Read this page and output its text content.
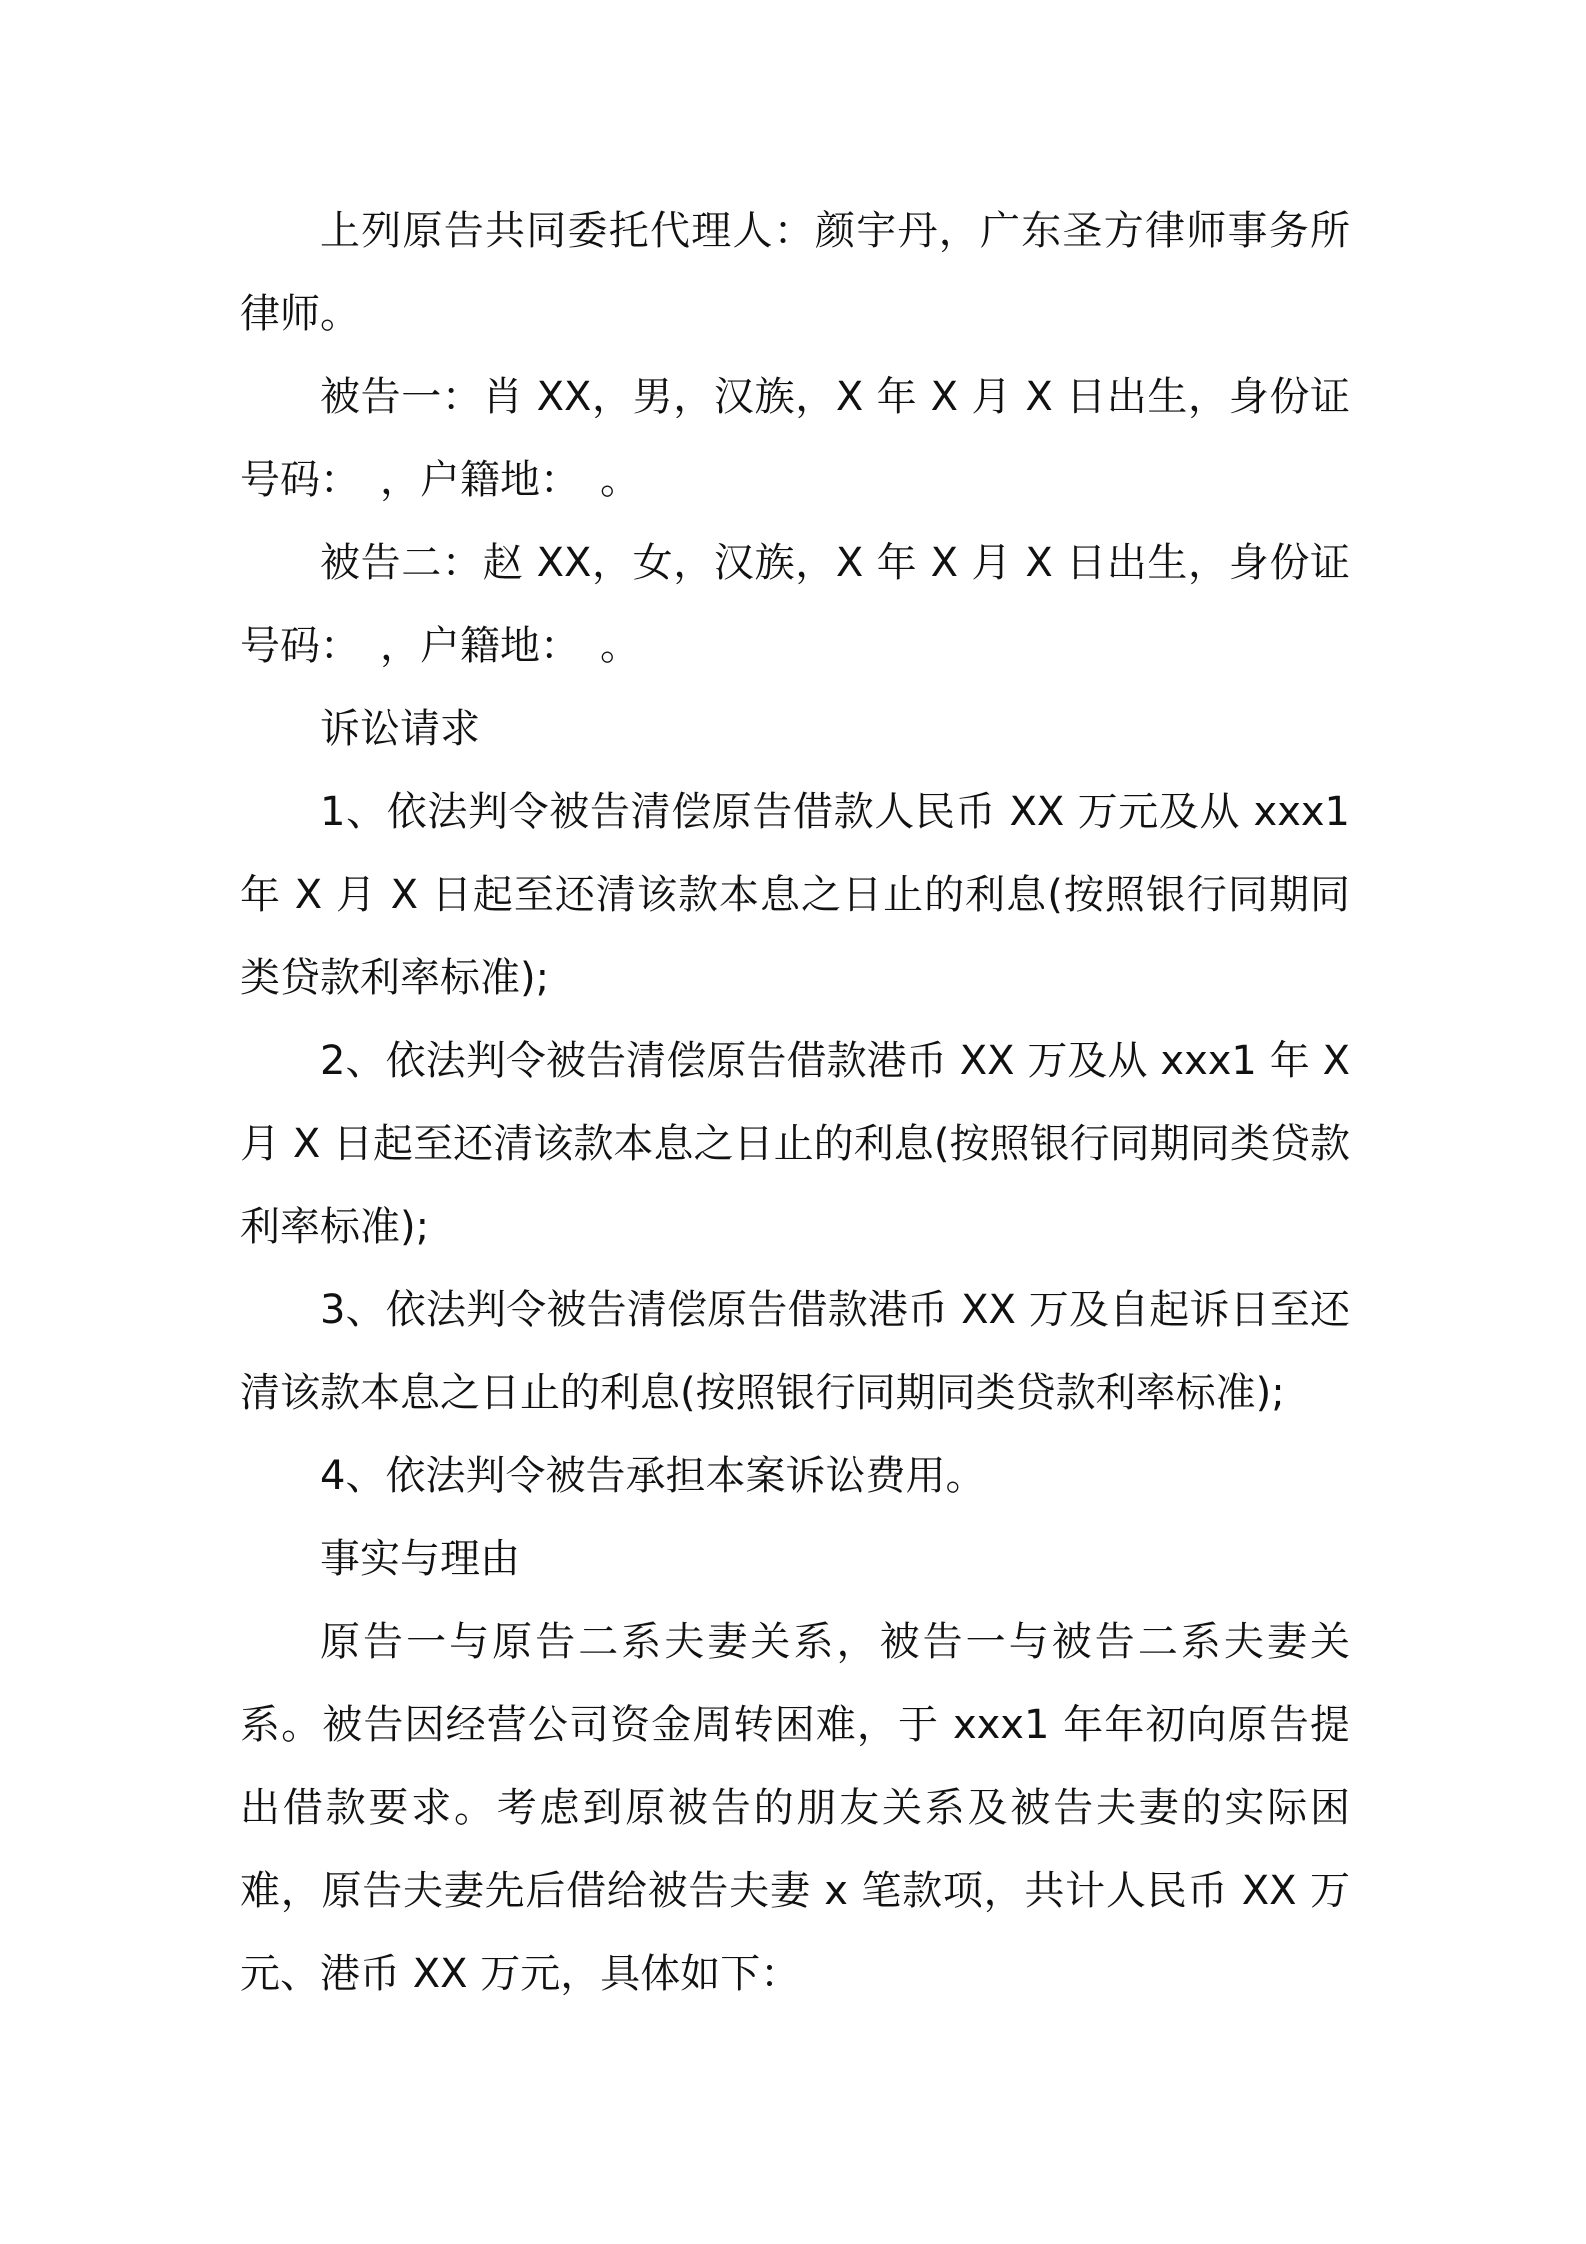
上列原告共同委托代理人：颜宇丹，广东圣方律师事务所律师。

被告一：肖 XX，男，汉族，X 年 X 月 X 日出生，身份证号码：　，户籍地：　。

被告二：赵 XX，女，汉族，X 年 X 月 X 日出生，身份证号码：　，户籍地：　。

诉讼请求

1、依法判令被告清偿原告借款人民币 XX 万元及从 xxx1 年 X 月 X 日起至还清该款本息之日止的利息(按照银行同期同类贷款利率标准);

2、依法判令被告清偿原告借款港币 XX 万及从 xxx1 年 X 月 X 日起至还清该款本息之日止的利息(按照银行同期同类贷款利率标准);

3、依法判令被告清偿原告借款港币 XX 万及自起诉日至还清该款本息之日止的利息(按照银行同期同类贷款利率标准);

4、依法判令被告承担本案诉讼费用。

事实与理由

原告一与原告二系夫妻关系，被告一与被告二系夫妻关系。被告因经营公司资金周转困难，于 xxx1 年年初向原告提出借款要求。考虑到原被告的朋友关系及被告夫妻的实际困难，原告夫妻先后借给被告夫妻 x 笔款项，共计人民币 XX 万元、港币 XX 万元，具体如下：
